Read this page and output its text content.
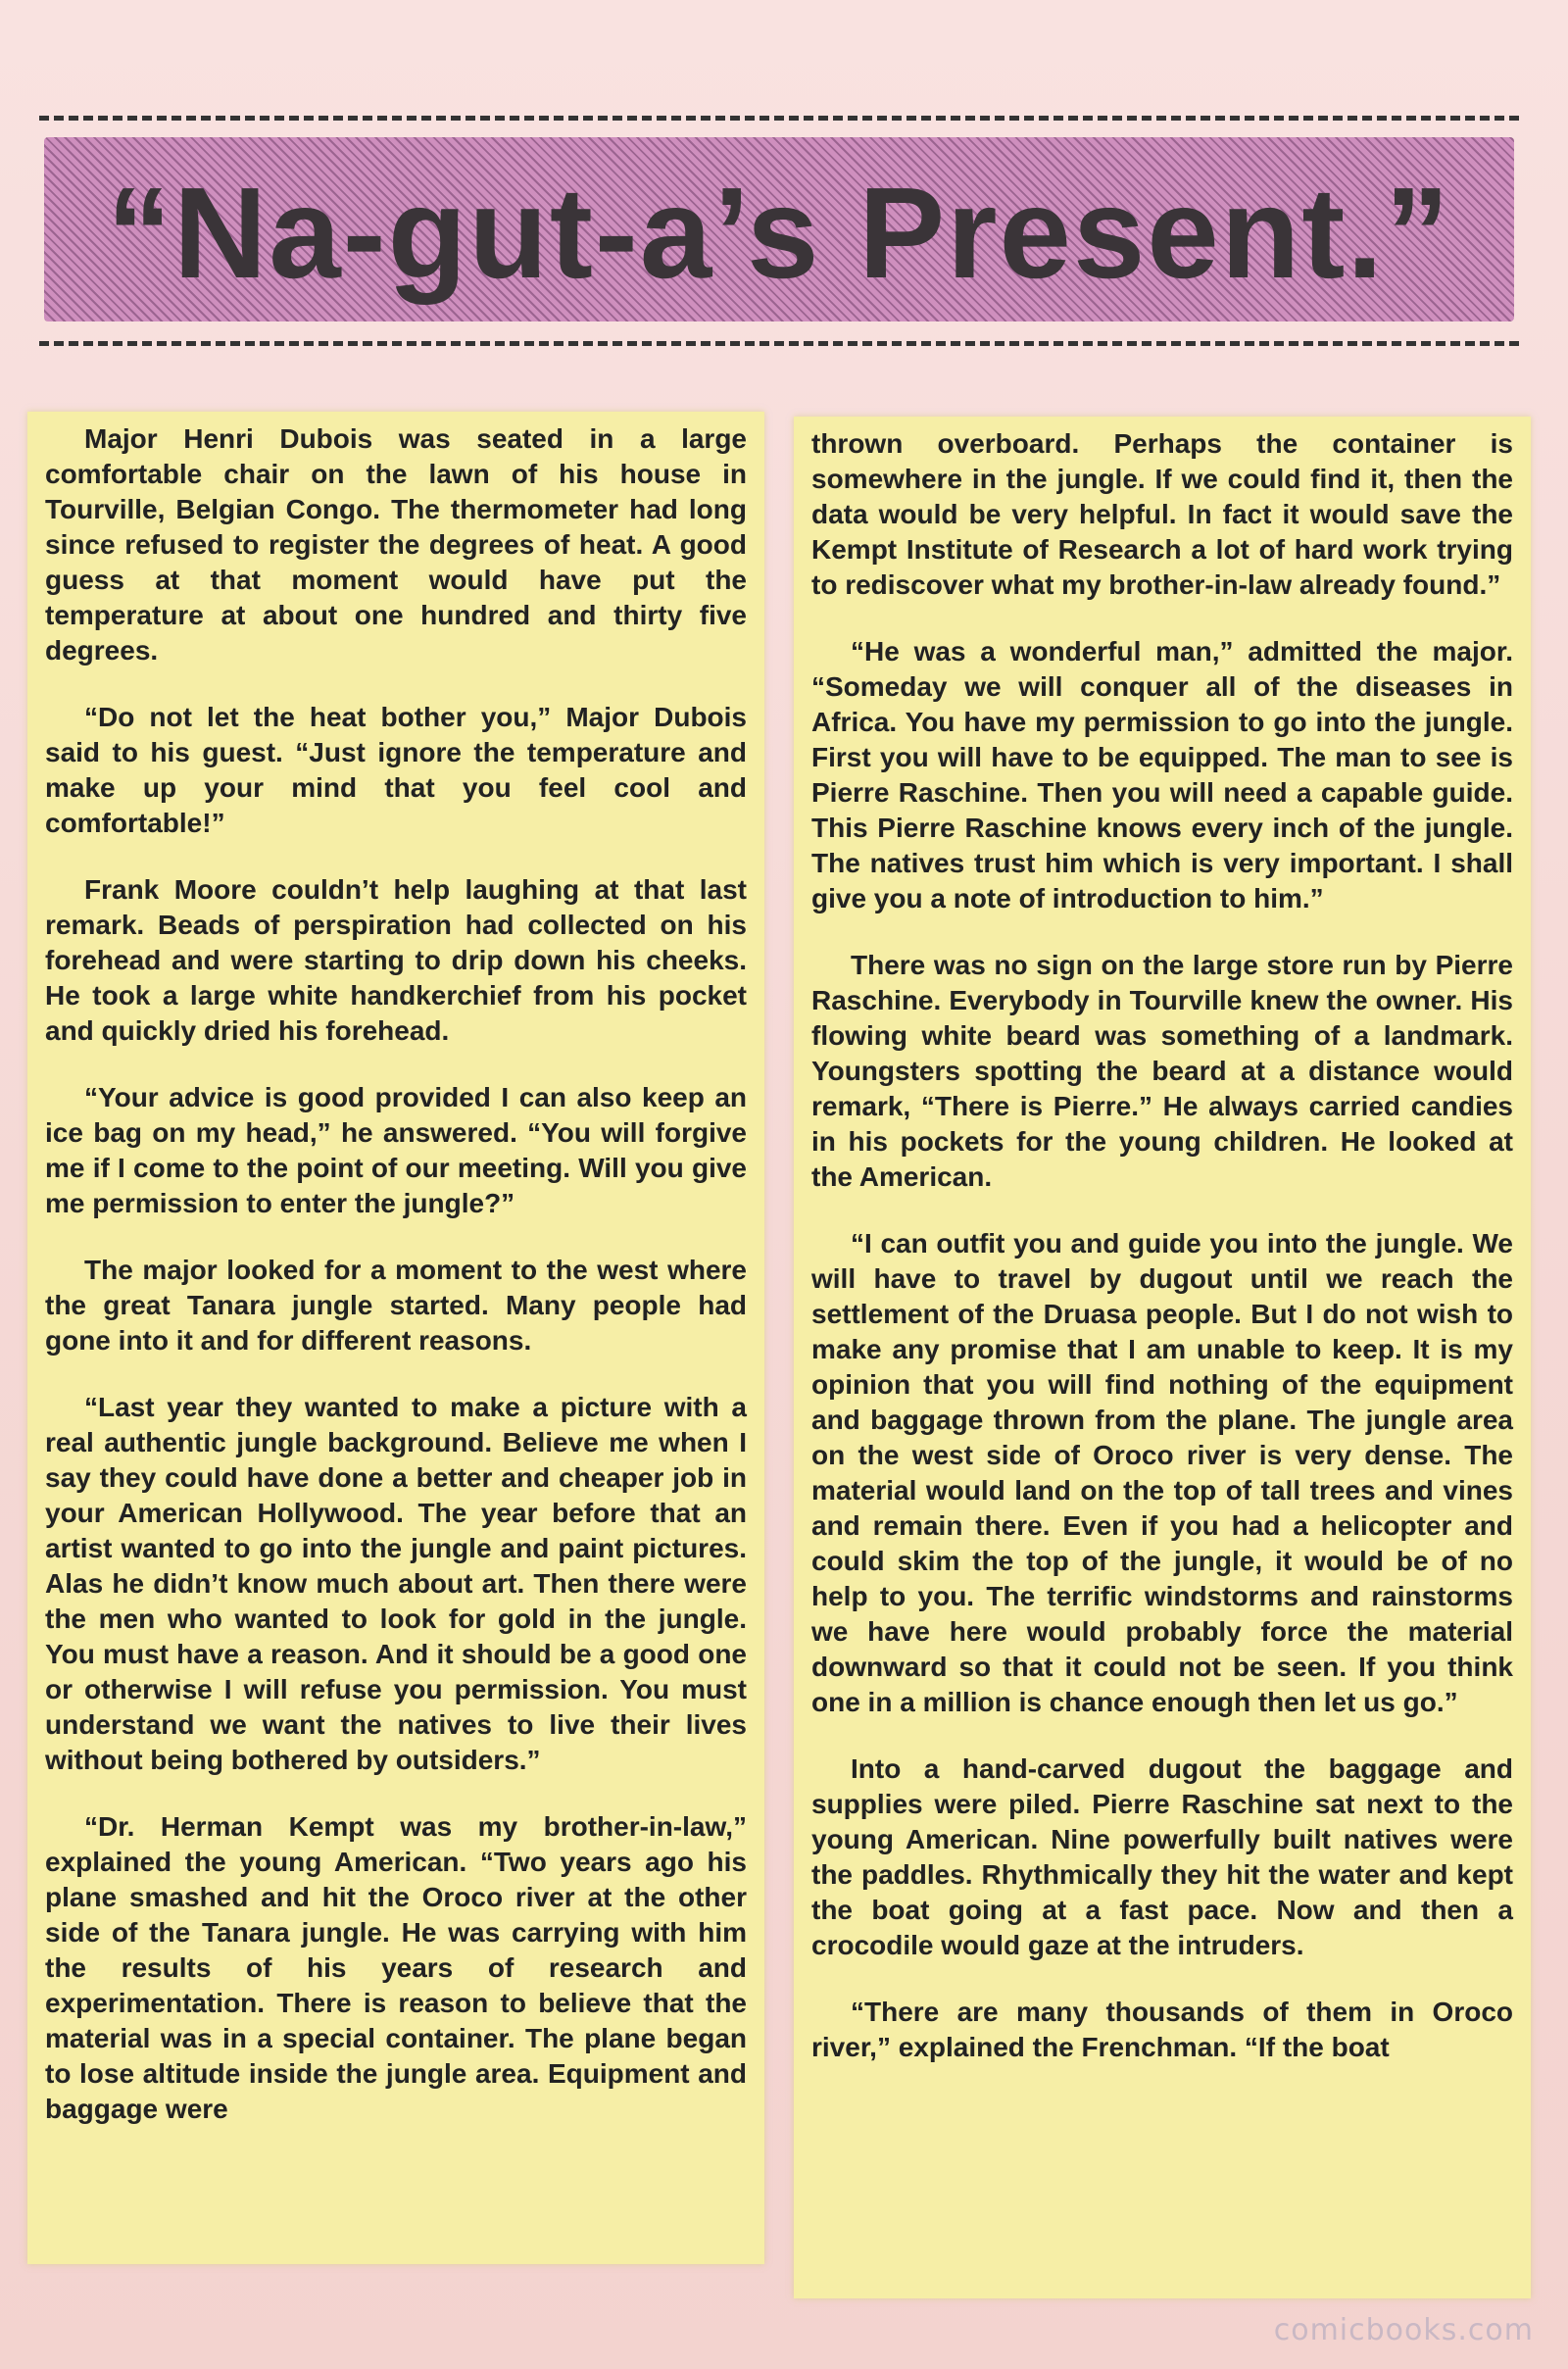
“Na-gut-a’s Present.”

Major Henri Dubois was seated in a large comfortable chair on the lawn of his house in Tourville, Belgian Congo. The thermometer had long since refused to register the degrees of heat. A good guess at that moment would have put the temperature at about one hundred and thirty five degrees.

“Do not let the heat bother you,” Major Dubois said to his guest. “Just ignore the temperature and make up your mind that you feel cool and comfortable!”

Frank Moore couldn’t help laughing at that last remark. Beads of perspiration had collected on his forehead and were starting to drip down his cheeks. He took a large white handkerchief from his pocket and quickly dried his forehead.

“Your advice is good provided I can also keep an ice bag on my head,” he answered. “You will forgive me if I come to the point of our meeting. Will you give me permission to enter the jungle?”

The major looked for a moment to the west where the great Tanara jungle started. Many people had gone into it and for different reasons.

“Last year they wanted to make a picture with a real authentic jungle background. Believe me when I say they could have done a better and cheaper job in your American Hollywood. The year before that an artist wanted to go into the jungle and paint pictures. Alas he didn’t know much about art. Then there were the men who wanted to look for gold in the jungle. You must have a reason. And it should be a good one or otherwise I will refuse you permission. You must understand we want the natives to live their lives without being bothered by outsiders.”

“Dr. Herman Kempt was my brother-in-law,” explained the young American. “Two years ago his plane smashed and hit the Oroco river at the other side of the Tanara jungle. He was carrying with him the results of his years of research and experimentation. There is reason to believe that the material was in a special container. The plane began to lose altitude inside the jungle area. Equipment and baggage were

thrown overboard. Perhaps the container is somewhere in the jungle. If we could find it, then the data would be very helpful. In fact it would save the Kempt Institute of Research a lot of hard work trying to rediscover what my brother-in-law already found.”

“He was a wonderful man,” admitted the major. “Someday we will conquer all of the diseases in Africa. You have my permission to go into the jungle. First you will have to be equipped. The man to see is Pierre Raschine. Then you will need a capable guide. This Pierre Raschine knows every inch of the jungle. The natives trust him which is very important. I shall give you a note of introduction to him.”

There was no sign on the large store run by Pierre Raschine. Everybody in Tourville knew the owner. His flowing white beard was something of a landmark. Youngsters spotting the beard at a distance would remark, “There is Pierre.” He always carried candies in his pockets for the young children. He looked at the American.

“I can outfit you and guide you into the jungle. We will have to travel by dugout until we reach the settlement of the Druasa people. But I do not wish to make any promise that I am unable to keep. It is my opinion that you will find nothing of the equipment and baggage thrown from the plane. The jungle area on the west side of Oroco river is very dense. The material would land on the top of tall trees and vines and remain there. Even if you had a helicopter and could skim the top of the jungle, it would be of no help to you. The terrific windstorms and rainstorms we have here would probably force the material downward so that it could not be seen. If you think one in a million is chance enough then let us go.”

Into a hand-carved dugout the baggage and supplies were piled. Pierre Raschine sat next to the young American. Nine powerfully built natives were the paddles. Rhythmically they hit the water and kept the boat going at a fast pace. Now and then a crocodile would gaze at the intruders.

“There are many thousands of them in Oroco river,” explained the Frenchman. “If the boat

comicbooks.com
